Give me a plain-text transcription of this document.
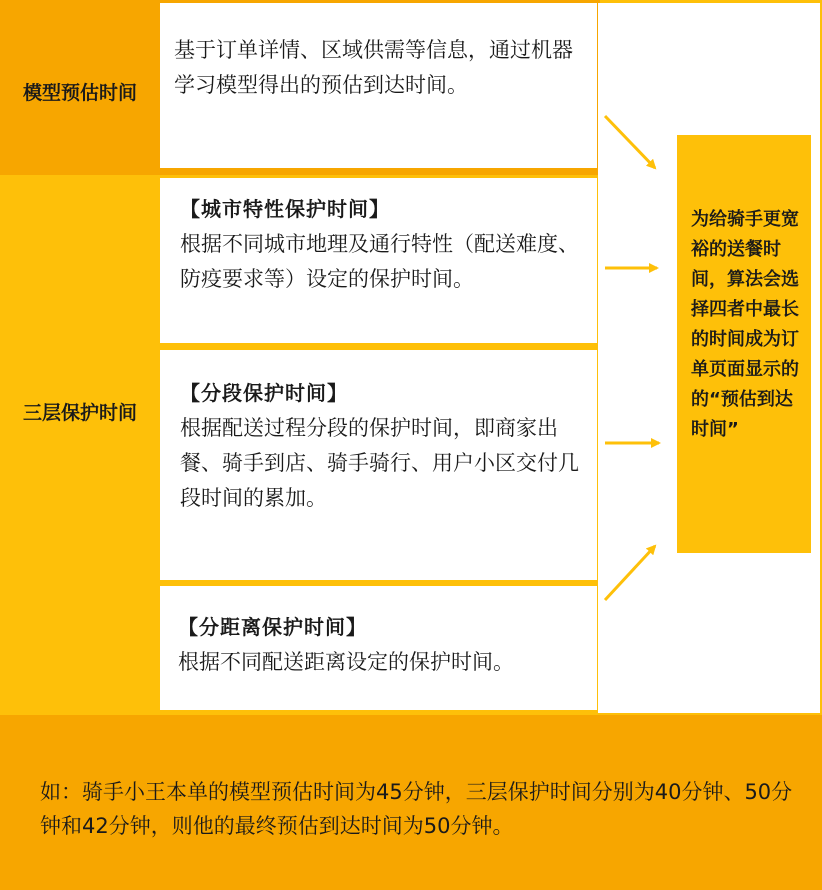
模型预估时间
三层保护时间
基于订单详情、区域供需等信息，通过机器学习模型得出的预估到达时间。
【城市特性保护时间】
根据不同城市地理及通行特性（配送难度、防疫要求等）设定的保护时间。
【分段保护时间】
根据配送过程分段的保护时间，即商家出餐、骑手到店、骑手骑行、用户小区交付几段时间的累加。
【分距离保护时间】
根据不同配送距离设定的保护时间。
为给骑手更宽裕的送餐时间，算法会选择四者中最长的时间成为订单页面显示的的“预估到达时间”
如：骑手小王本单的模型预估时间为45分钟，三层保护时间分别为40分钟、50分钟和42分钟，则他的最终预估到达时间为50分钟。
